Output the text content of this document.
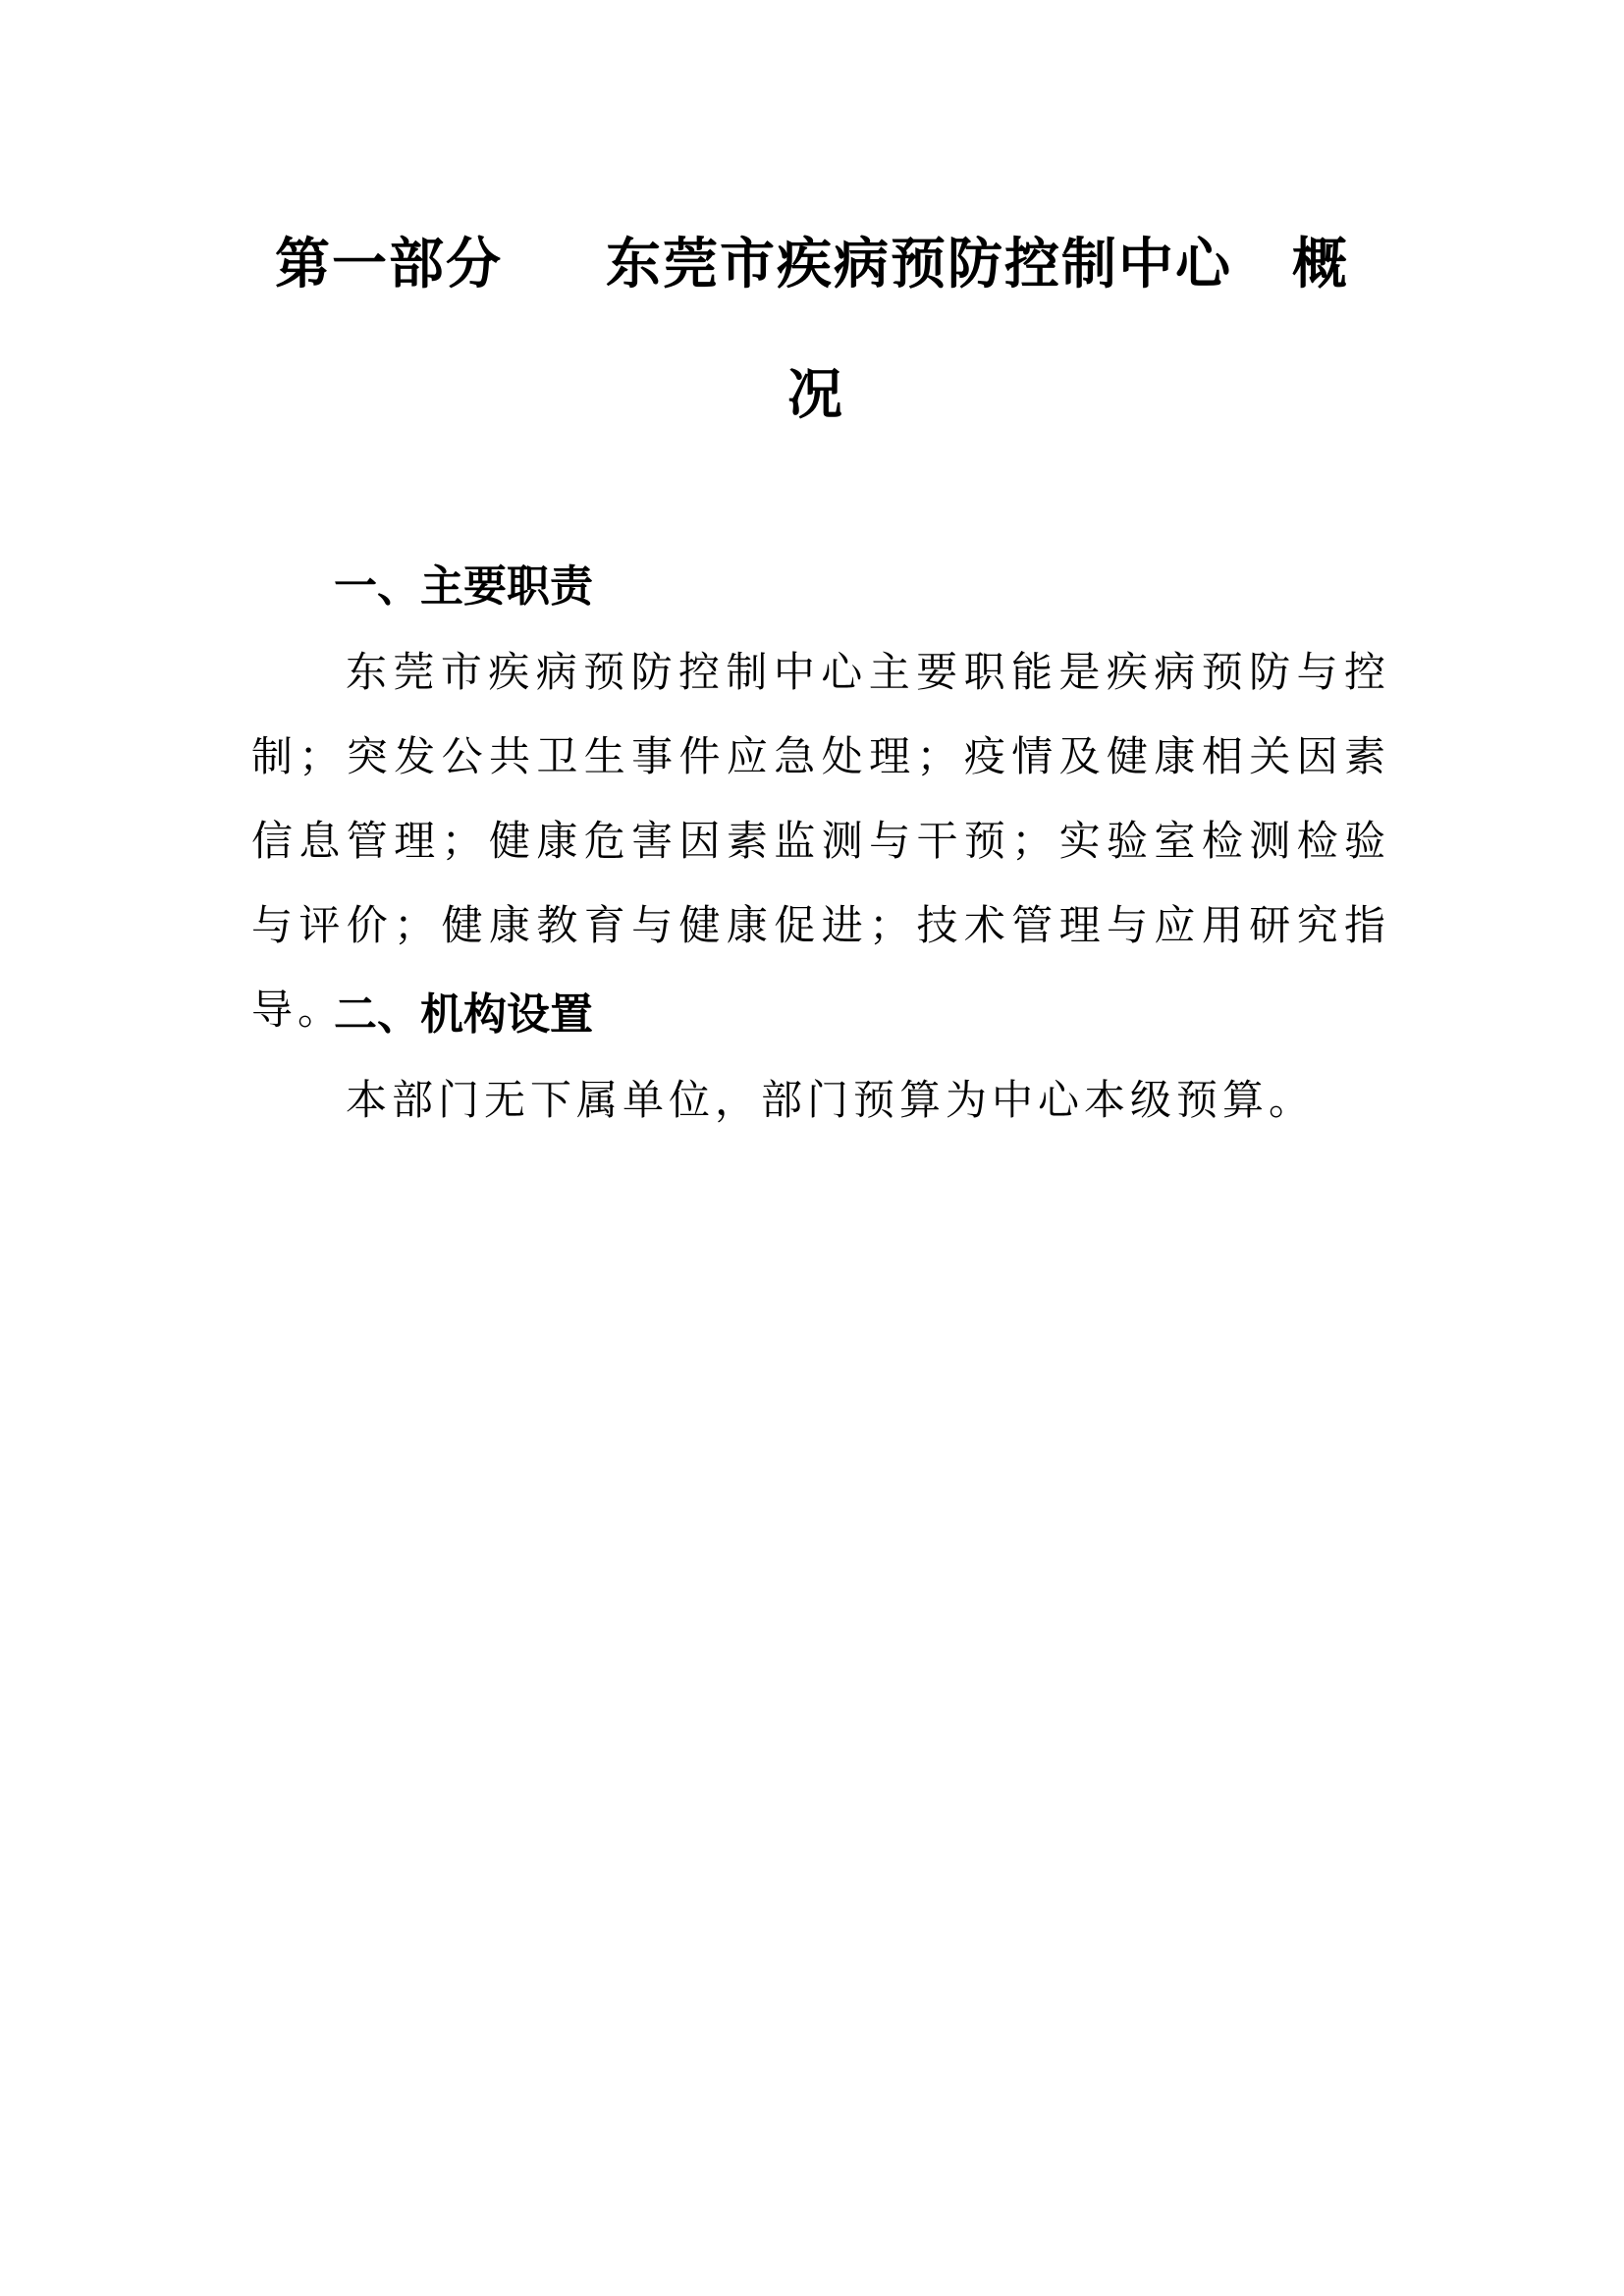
第一部分 东莞市疾病预防控制中心 概
况
一、主要职责
东莞市疾病预防控制中心主要职能是疾病预防与控制；突发公共卫生事件应急处理；疫情及健康相关因素信息管理；健康危害因素监测与干预；实验室检测检验与评价；健康教育与健康促进；技术管理与应用研究指导。
二、机构设置
本部门无下属单位，部门预算为中心本级预算。
